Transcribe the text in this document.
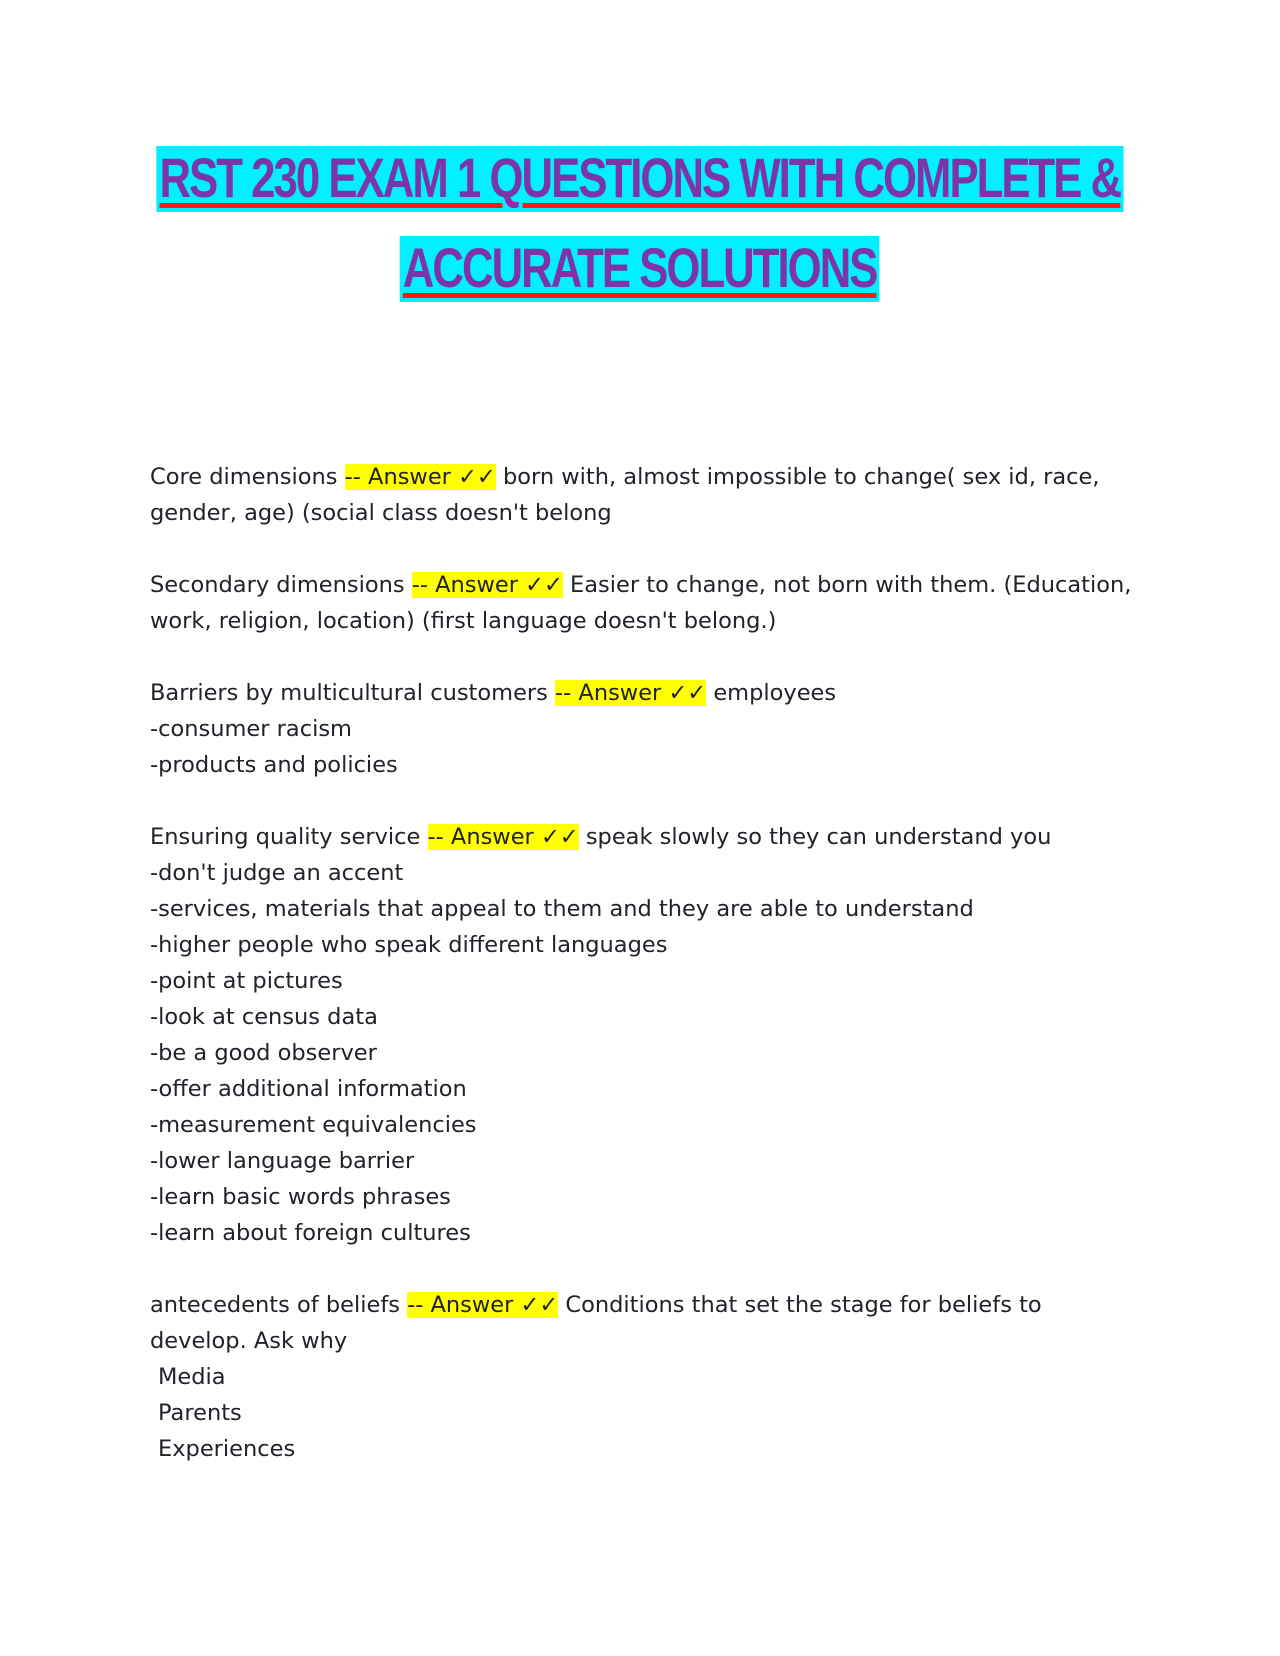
RST 230 EXAM 1 QUESTIONS WITH COMPLETE &
ACCURATE SOLUTIONS
Core dimensions -- Answer ✓✓ born with, almost impossible to change( sex id, race,
gender, age) (social class doesn't belong
Secondary dimensions -- Answer ✓✓ Easier to change, not born with them. (Education,
work, religion, location) (first language doesn't belong.)
Barriers by multicultural customers -- Answer ✓✓ employees
-consumer racism
-products and policies
Ensuring quality service -- Answer ✓✓ speak slowly so they can understand you
-don't judge an accent
-services, materials that appeal to them and they are able to understand
-higher people who speak different languages
-point at pictures
-look at census data
-be a good observer
-offer additional information
-measurement equivalencies
-lower language barrier
-learn basic words phrases
-learn about foreign cultures
antecedents of beliefs -- Answer ✓✓ Conditions that set the stage for beliefs to
develop. Ask why
Media
Parents
Experiences
